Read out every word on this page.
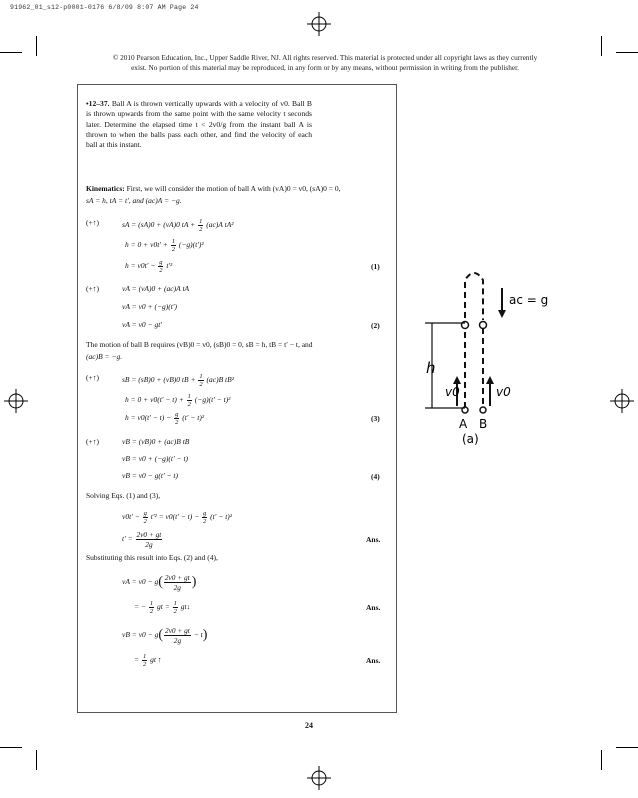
91962_01_s12-p0001-0176 6/8/09 8:07 AM Page 24
© 2010 Pearson Education, Inc., Upper Saddle River, NJ. All rights reserved. This material is protected under all copyright laws as they currently
exist. No portion of this material may be reproduced, in any form or by any means, without permission in writing from the publisher.
•12–37. Ball A is thrown vertically upwards with a velocity of v0. Ball B is thrown upwards from the same point with the same velocity t seconds later. Determine the elapsed time t < 2v0/g from the instant ball A is thrown to when the balls pass each other, and find the velocity of each ball at this instant.
Kinematics: First, we will consider the motion of ball A with (vA)0 = v0, (sA)0 = 0,
sA = h, tA = t′, and (ac)A = −g.
(+↑)	sA = (sA)0 + (vA)0 tA + $\frac{1}{2} (ac)A$ tA²
$h = 0 + v0t' + \frac{1}{2} (-g)(t')^2$
$h = v0t' - \frac{g}{2} t'^2$	(1)
(+↑)	vA = (vA)0 + (ac)A tA
vA = v0 + (−g)(t′)
vA = v0 − gt′	(2)
The motion of ball B requires (vB)0 = v0, (sB)0 = 0, sB = h, tB = t′ − t, and
(ac)B = −g.
(+↑)	sB = (sB)0 + (vB)0 tB + $\frac{1}{2} (ac)B$ tB²
$h = 0 + v0(t' - t) + \frac{1}{2} (-g)(t' - t)^2$
$h = v0(t' - t) - \frac{g}{2} (t' - t)^2$	(3)
(+↑)	vB = (vB)0 + (ac)B tB
vB = v0 + (−g)(t′ − t)
vB = v0 − g(t′ − t)	(4)
Solving Eqs. (1) and (3),
$v0t' - \frac{g}{2} t'^2 = v0(t' - t) - \frac{g}{2} (t' - t)^2$
$t' = \frac{2v0 + gt}{2g}$	Ans.
Substituting this result into Eqs. (2) and (4),
vA = $v0 - g( \frac{2v0 + gt}{2g}$ )
= − $\frac{1}{2}$ gt = $\frac{1}{2}$ gt↓	Ans.
vB = $v0 - g( \frac{2v0 + gt}{2g} - t)$
= $\frac{1}{2}$ gt ↑	Ans.
h
v0	v0
ac = g
A B
(a)
24
